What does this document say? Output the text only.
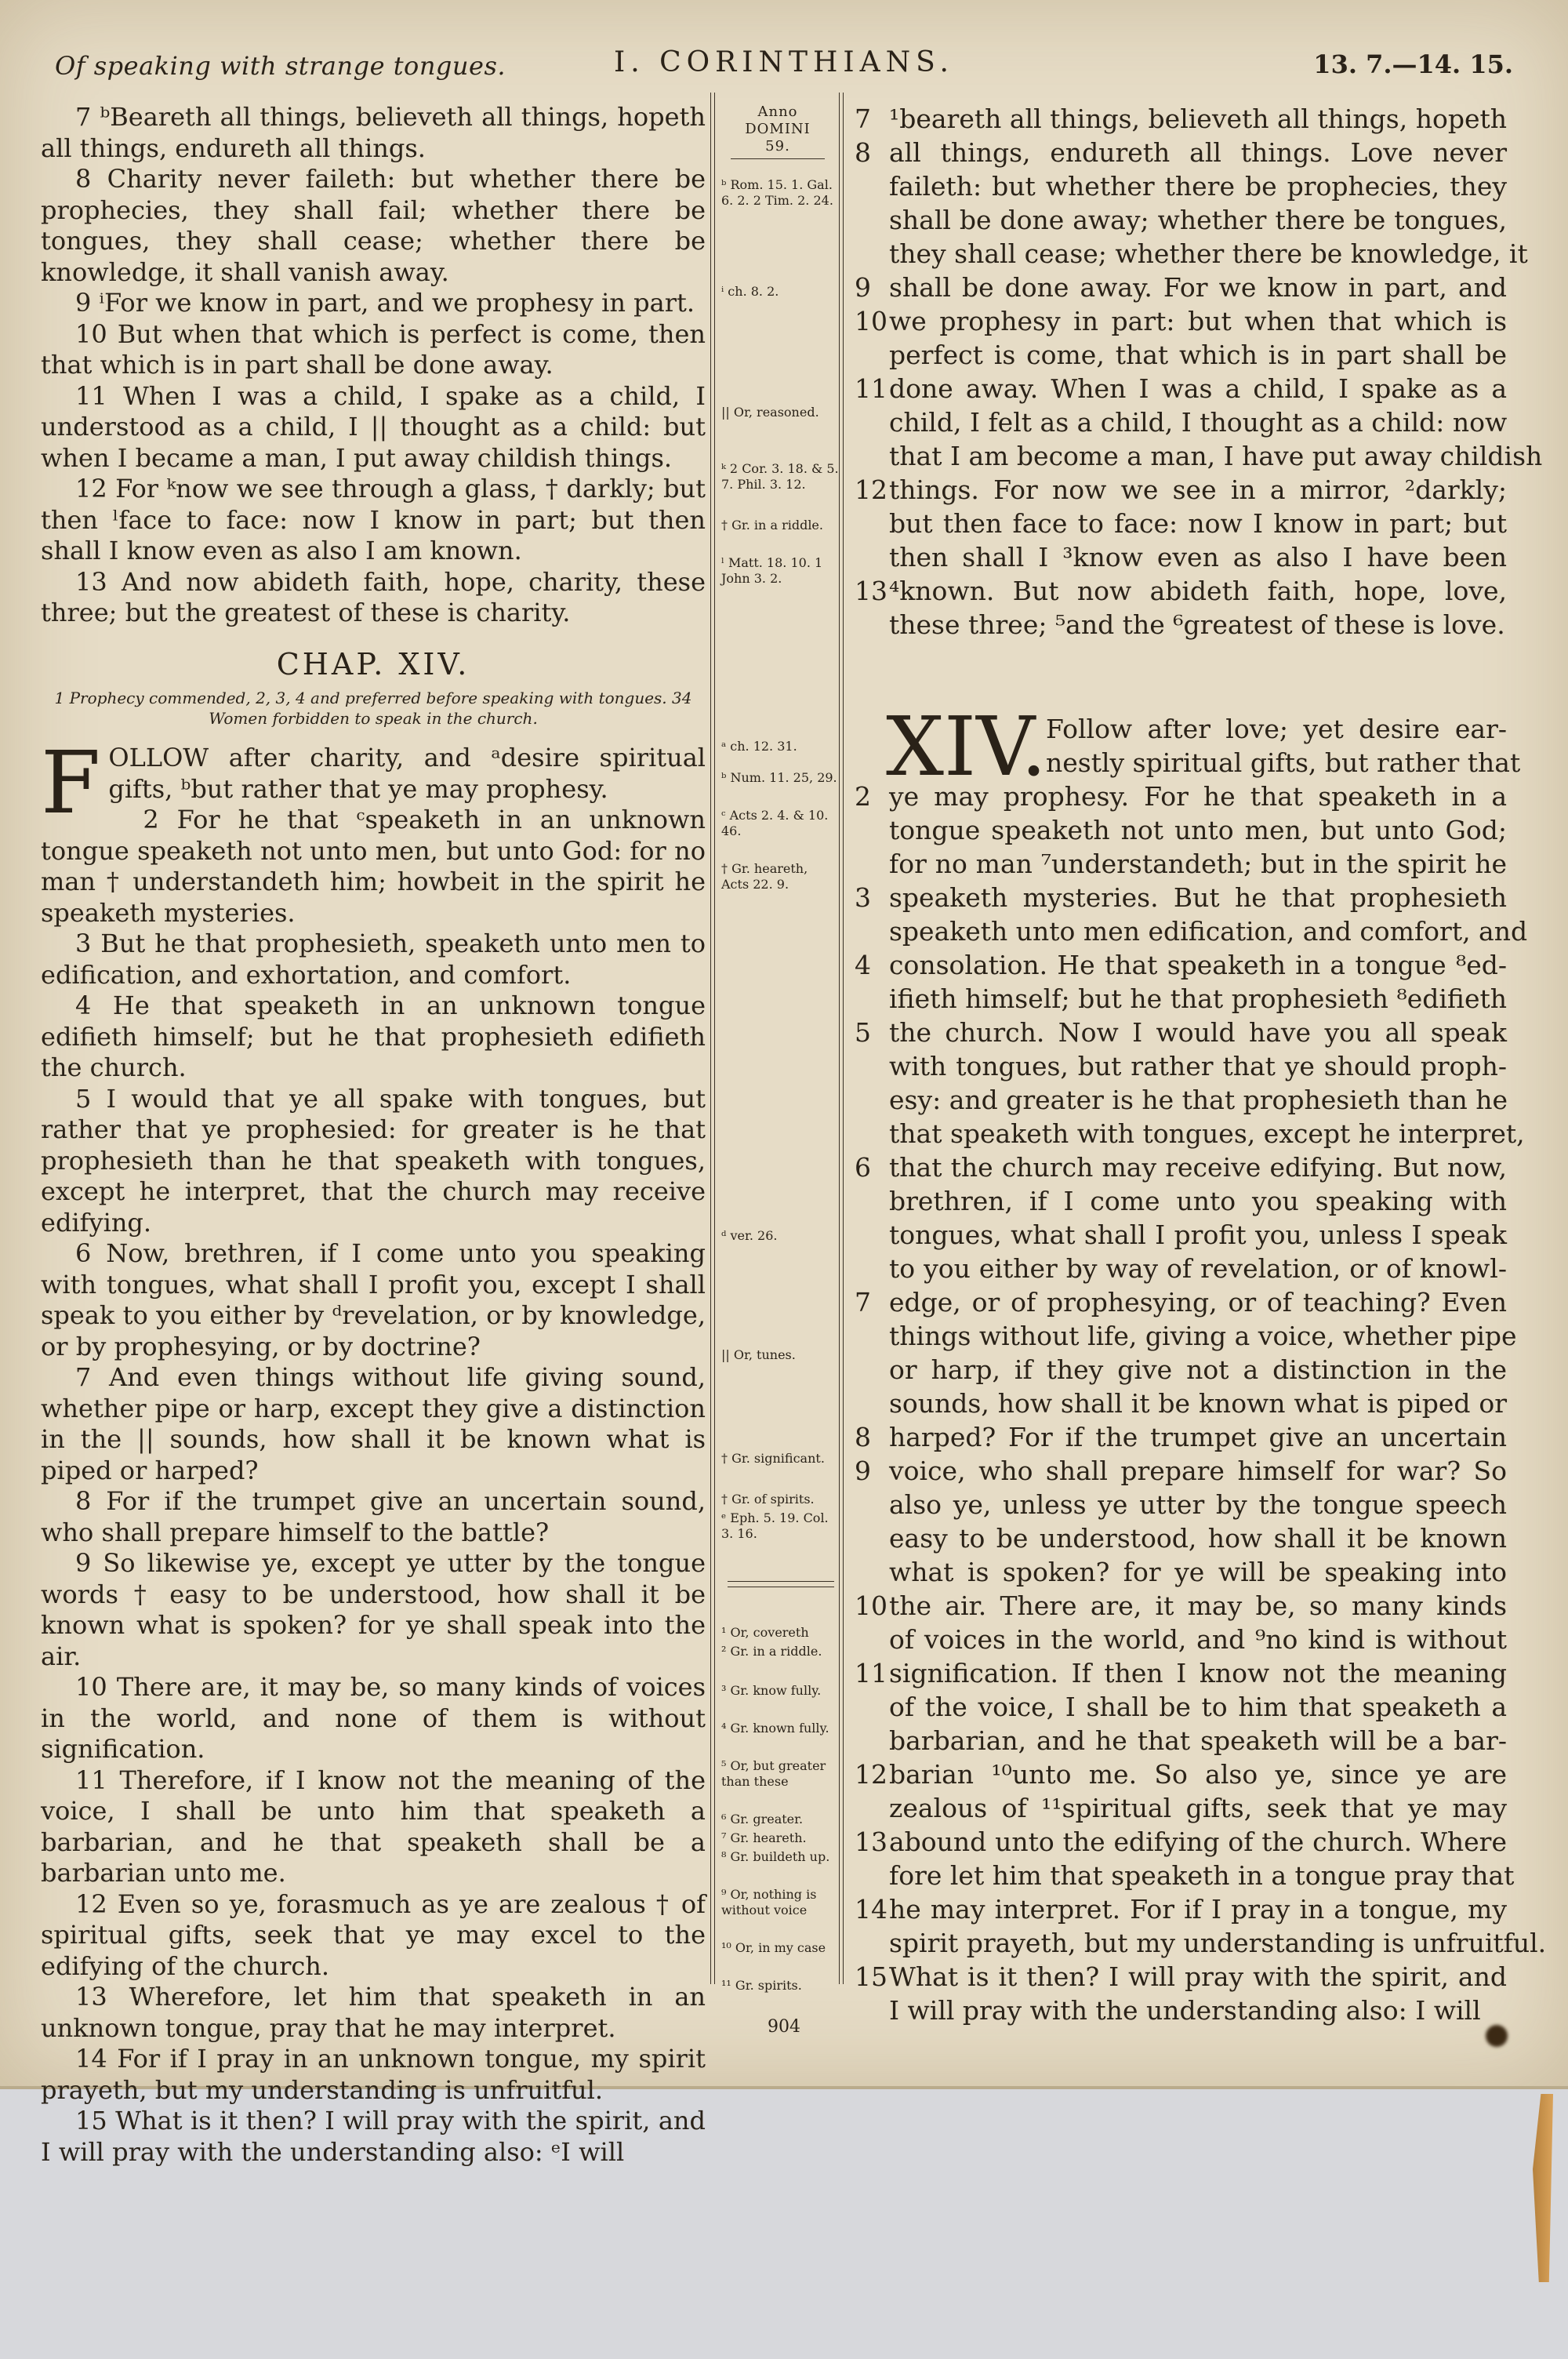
Of speaking with strange tongues.	I. CORINTHIANS.	13. 7.—14. 15.

7 ᵇBeareth all things, believeth all things, hopeth all things, endureth all things.

8 Charity never faileth: but whether there be prophecies, they shall fail; whether there be tongues, they shall cease; whether there be knowledge, it shall vanish away.

9 ⁱFor we know in part, and we prophesy in part.

10 But when that which is perfect is come, then that which is in part shall be done away.

11 When I was a child, I spake as a child, I understood as a child, I || thought as a child: but when I became a man, I put away childish things.

12 For ᵏnow we see through a glass, † darkly; but then ˡface to face: now I know in part; but then shall I know even as also I am known.

13 And now abideth faith, hope, charity, these three; but the greatest of these is charity.

CHAP. XIV.

1 Prophecy commended, 2, 3, 4 and preferred before speaking with tongues. 34 Women forbidden to speak in the church.

FOLLOW after charity, and ᵃdesire spiritual gifts, ᵇbut rather that ye may prophesy.

2 For he that ᶜspeaketh in an unknown tongue speaketh not unto men, but unto God: for no man † understandeth him; howbeit in the spirit he speaketh mysteries.

3 But he that prophesieth, speaketh unto men to edification, and exhortation, and comfort.

4 He that speaketh in an unknown tongue edifieth himself; but he that prophesieth edifieth the church.

5 I would that ye all spake with tongues, but rather that ye prophesied: for greater is he that prophesieth than he that speaketh with tongues, except he interpret, that the church may receive edifying.

6 Now, brethren, if I come unto you speaking with tongues, what shall I profit you, except I shall speak to you either by ᵈrevelation, or by knowledge, or by prophesying, or by doctrine?

7 And even things without life giving sound, whether pipe or harp, except they give a distinction in the || sounds, how shall it be known what is piped or harped?

8 For if the trumpet give an uncertain sound, who shall prepare himself to the battle?

9 So likewise ye, except ye utter by the tongue words † easy to be understood, how shall it be known what is spoken? for ye shall speak into the air.

10 There are, it may be, so many kinds of voices in the world, and none of them is without signification.

11 Therefore, if I know not the meaning of the voice, I shall be unto him that speaketh a barbarian, and he that speaketh shall be a barbarian unto me.

12 Even so ye, forasmuch as ye are zealous † of spiritual gifts, seek that ye may excel to the edifying of the church.

13 Wherefore, let him that speaketh in an unknown tongue, pray that he may interpret.

14 For if I pray in an unknown tongue, my spirit prayeth, but my understanding is unfruitful.

15 What is it then? I will pray with the spirit, and I will pray with the understanding also: ᵉI will

Anno
DOMINI
59.
ᵇ Rom. 15. 1. Gal. 6. 2. 2 Tim. 2. 24.
ⁱ ch. 8. 2.
|| Or, reasoned.
ᵏ 2 Cor. 3. 18. & 5. 7. Phil. 3. 12.
† Gr. in a riddle.
ˡ Matt. 18. 10. 1 John 3. 2.
ᵃ ch. 12. 31.
ᵇ Num. 11. 25, 29.
ᶜ Acts 2. 4. & 10. 46.
† Gr. heareth, Acts 22. 9.
ᵈ ver. 26.
|| Or, tunes.
† Gr. significant.
† Gr. of spirits.
ᵉ Eph. 5. 19. Col. 3. 16.
¹ Or, covereth
² Gr. in a riddle.
³ Gr. know fully.
⁴ Gr. known fully.
⁵ Or, but greater than these
⁶ Gr. greater.
⁷ Gr. heareth.
⁸ Gr. buildeth up.
⁹ Or, nothing is without voice
¹⁰ Or, in my case
¹¹ Gr. spirits.
7 ¹beareth all things, believeth all things, hopeth
8 all things, endureth all things. Love never
faileth: but whether there be prophecies, they
shall be done away; whether there be tongues,
they shall cease; whether there be knowledge, it
9 shall be done away. For we know in part, and
10 we prophesy in part: but when that which is
perfect is come, that which is in part shall be
11 done away. When I was a child, I spake as a
child, I felt as a child, I thought as a child: now
that I am become a man, I have put away childish
12 things. For now we see in a mirror, ²darkly;
but then face to face: now I know in part; but
then shall I ³know even as also I have been
13 ⁴known. But now abideth faith, hope, love,
these three; ⁵and the ⁶greatest of these is love.
XIV.
Follow after love; yet desire ear-
nestly spiritual gifts, but rather that
2 ye may prophesy. For he that speaketh in a
tongue speaketh not unto men, but unto God;
for no man ⁷understandeth; but in the spirit he
3 speaketh mysteries. But he that prophesieth
speaketh unto men edification, and comfort, and
4 consolation. He that speaketh in a tongue ⁸ed-
ifieth himself; but he that prophesieth ⁸edifieth
5 the church. Now I would have you all speak
with tongues, but rather that ye should proph-
esy: and greater is he that prophesieth than he
that speaketh with tongues, except he interpret,
6 that the church may receive edifying. But now,
brethren, if I come unto you speaking with
tongues, what shall I profit you, unless I speak
to you either by way of revelation, or of knowl-
7 edge, or of prophesying, or of teaching? Even
things without life, giving a voice, whether pipe
or harp, if they give not a distinction in the
sounds, how shall it be known what is piped or
8 harped? For if the trumpet give an uncertain
9 voice, who shall prepare himself for war? So
also ye, unless ye utter by the tongue speech
easy to be understood, how shall it be known
what is spoken? for ye will be speaking into
10 the air. There are, it may be, so many kinds
of voices in the world, and ⁹no kind is without
11 signification. If then I know not the meaning
of the voice, I shall be to him that speaketh a
barbarian, and he that speaketh will be a bar-
12 barian ¹⁰unto me. So also ye, since ye are
zealous of ¹¹spiritual gifts, seek that ye may
13 abound unto the edifying of the church. Where
fore let him that speaketh in a tongue pray that
14 he may interpret. For if I pray in a tongue, my
spirit prayeth, but my understanding is unfruitful.
15 What is it then? I will pray with the spirit, and
I will pray with the understanding also: I will
904
